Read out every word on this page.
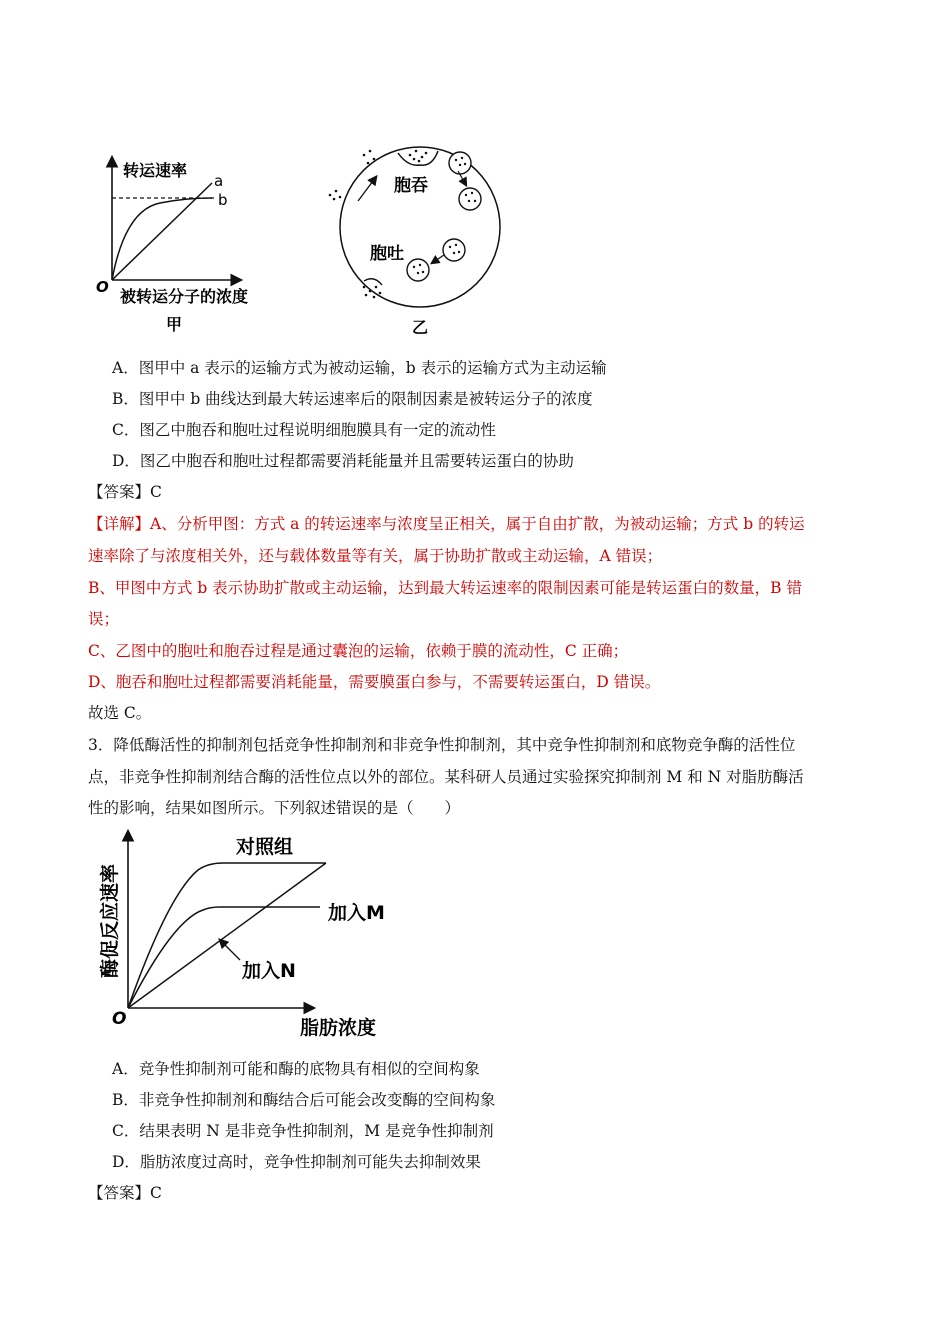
转运速率
a
b
O 被转运分子的浓度
甲
胞吞
胞吐
乙
A．图甲中 a 表示的运输方式为被动运输，b 表示的运输方式为主动运输
B．图甲中 b 曲线达到最大转运速率后的限制因素是被转运分子的浓度
C．图乙中胞吞和胞吐过程说明细胞膜具有一定的流动性
D．图乙中胞吞和胞吐过程都需要消耗能量并且需要转运蛋白的协助
【答案】C
【详解】A、分析甲图：方式 a 的转运速率与浓度呈正相关，属于自由扩散，为被动运输；方式 b 的转运
速率除了与浓度相关外，还与载体数量等有关，属于协助扩散或主动运输，A 错误；
B、甲图中方式 b 表示协助扩散或主动运输，达到最大转运速率的限制因素可能是转运蛋白的数量，B 错
误；
C、乙图中的胞吐和胞吞过程是通过囊泡的运输，依赖于膜的流动性，C 正确；
D、胞吞和胞吐过程都需要消耗能量，需要膜蛋白参与，不需要转运蛋白，D 错误。
故选 C。
3．降低酶活性的抑制剂包括竞争性抑制剂和非竞争性抑制剂，其中竞争性抑制剂和底物竞争酶的活性位
点，非竞争性抑制剂结合酶的活性位点以外的部位。某科研人员通过实验探究抑制剂 M 和 N 对脂肪酶活
性的影响，结果如图所示。下列叙述错误的是（　　）
对照组
加入M
加入N
O	脂肪浓度
酶促反应速率
A．竞争性抑制剂可能和酶的底物具有相似的空间构象
B．非竞争性抑制剂和酶结合后可能会改变酶的空间构象
C．结果表明 N 是非竞争性抑制剂，M 是竞争性抑制剂
D．脂肪浓度过高时，竞争性抑制剂可能失去抑制效果
【答案】C
